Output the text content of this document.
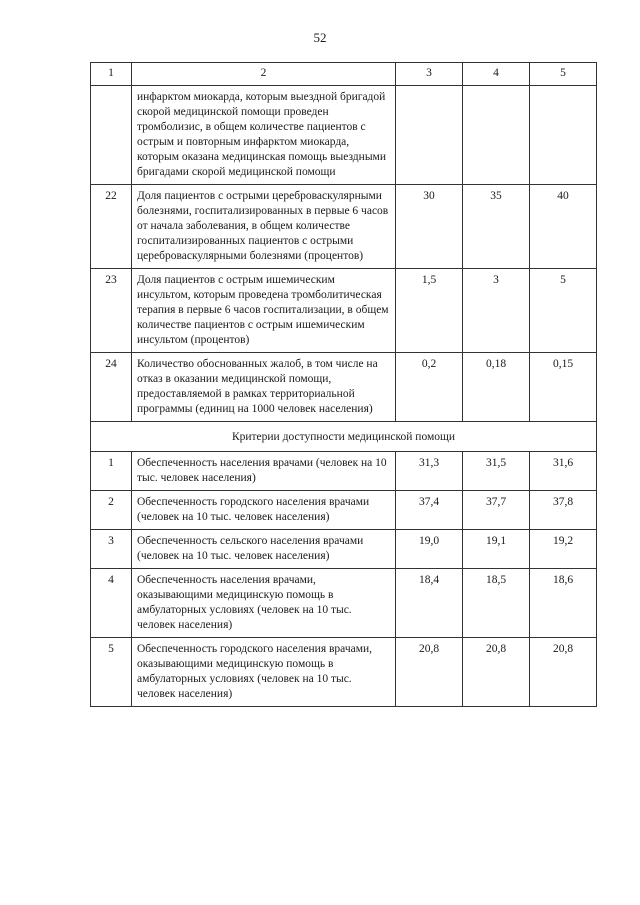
52
1	2	3	4	5
	инфарктом миокарда, которым выездной бригадой скорой медицинской помощи проведен тромболизис, в общем количестве пациентов с острым и повторным инфарктом миокарда, которым оказана медицинская помощь выездными бригадами скорой медицинской помощи			
22	Доля пациентов с острыми цереброваскулярными болезнями, госпитализированных в первые 6 часов от начала заболевания, в общем количестве госпитализированных пациентов с острыми цереброваскулярными болезнями (процентов)	30	35	40
23	Доля пациентов с острым ишемическим инсультом, которым проведена тромболитическая терапия в первые 6 часов госпитализации, в общем количестве пациентов с острым ишемическим инсультом (процентов)	1,5	3	5
24	Количество обоснованных жалоб, в том числе на отказ в оказании медицинской помощи, предоставляемой в рамках территориальной программы (единиц на 1000 человек населения)	0,2	0,18	0,15
Критерии доступности медицинской помощи				
1	Обеспеченность населения врачами (человек на 10 тыс. человек населения)	31,3	31,5	31,6
2	Обеспеченность городского населения врачами (человек на 10 тыс. человек населения)	37,4	37,7	37,8
3	Обеспеченность сельского населения врачами (человек на 10 тыс. человек населения)	19,0	19,1	19,2
4	Обеспеченность населения врачами, оказывающими медицинскую помощь в амбулаторных условиях (человек на 10 тыс. человек населения)	18,4	18,5	18,6
5	Обеспеченность городского населения врачами, оказывающими медицинскую помощь в амбулаторных условиях (человек на 10 тыс. человек населения)	20,8	20,8	20,8
